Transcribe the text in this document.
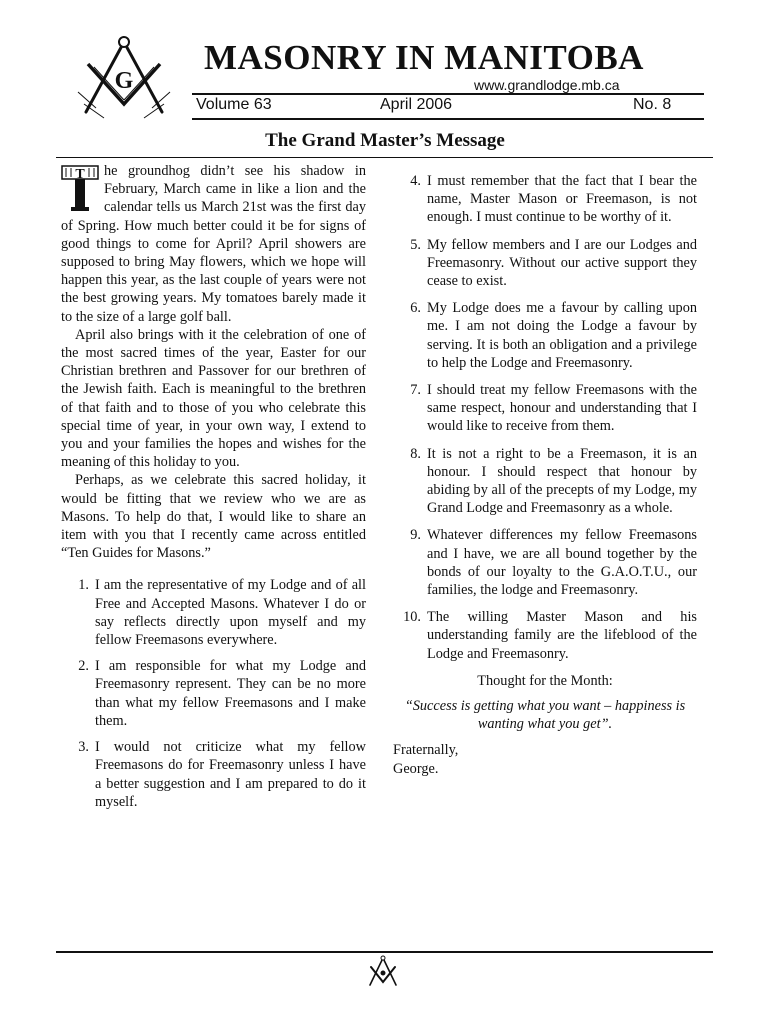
G
MASONRY IN MANITOBA
www.grandlodge.mb.ca
Volume 63	April 2006	No. 8
The Grand Master’s Message
T	he groundhog didn’t see his shadow in February, March came in like a lion and the calendar tells us March 21st was the first day of Spring. How much better could it be for signs of good things to come for April? April showers are supposed to bring May flowers, which we hope will happen this year, as the last couple of years were not the best growing years. My tomatoes barely made it to the size of a large golf ball.

April also brings with it the celebration of one of the most sacred times of the year, Easter for our Christian brethren and Passover for our brethren of the Jewish faith. Each is meaningful to the brethren of that faith and to those of you who celebrate this special time of year, in your own way, I extend to you and your families the hopes and wishes for the meaning of this holiday to you.

Perhaps, as we celebrate this sacred holiday, it would be fitting that we review who we are as Masons. To help do that, I would like to share an item with you that I recently came across entitled “Ten Guides for Masons.”

1. I am the representative of my Lodge and of all Free and Accepted Masons. Whatever I do or say reflects directly upon myself and my fellow Freemasons everywhere.
2. I am responsible for what my Lodge and Freemasonry represent. They can be no more than what my fellow Freemasons and I make them.
3. I would not criticize what my fellow Freemasons do for Freemasonry unless I have a better suggestion and I am prepared to do it myself.
4. I must remember that the fact that I bear the name, Master Mason or Freemason, is not enough. I must continue to be worthy of it.
5. My fellow members and I are our Lodges and Freemasonry. Without our active support they cease to exist.
6. My Lodge does me a favour by calling upon me. I am not doing the Lodge a favour by serving. It is both an obligation and a privilege to help the Lodge and Freemasonry.
7. I should treat my fellow Freemasons with the same respect, honour and understanding that I would like to receive from them.
8. It is not a right to be a Freemason, it is an honour. I should respect that honour by abiding by all of the precepts of my Lodge, my Grand Lodge and Freemasonry as a whole.
9. Whatever differences my fellow Freemasons and I have, we are all bound together by the bonds of our loyalty to the G.A.O.T.U., our families, the lodge and Freemasonry.
10. The willing Master Mason and his understanding family are the lifeblood of the Lodge and Freemasonry.

Thought for the Month:

“Success is getting what you want – happiness is wanting what you get”.

Fraternally,

George.
